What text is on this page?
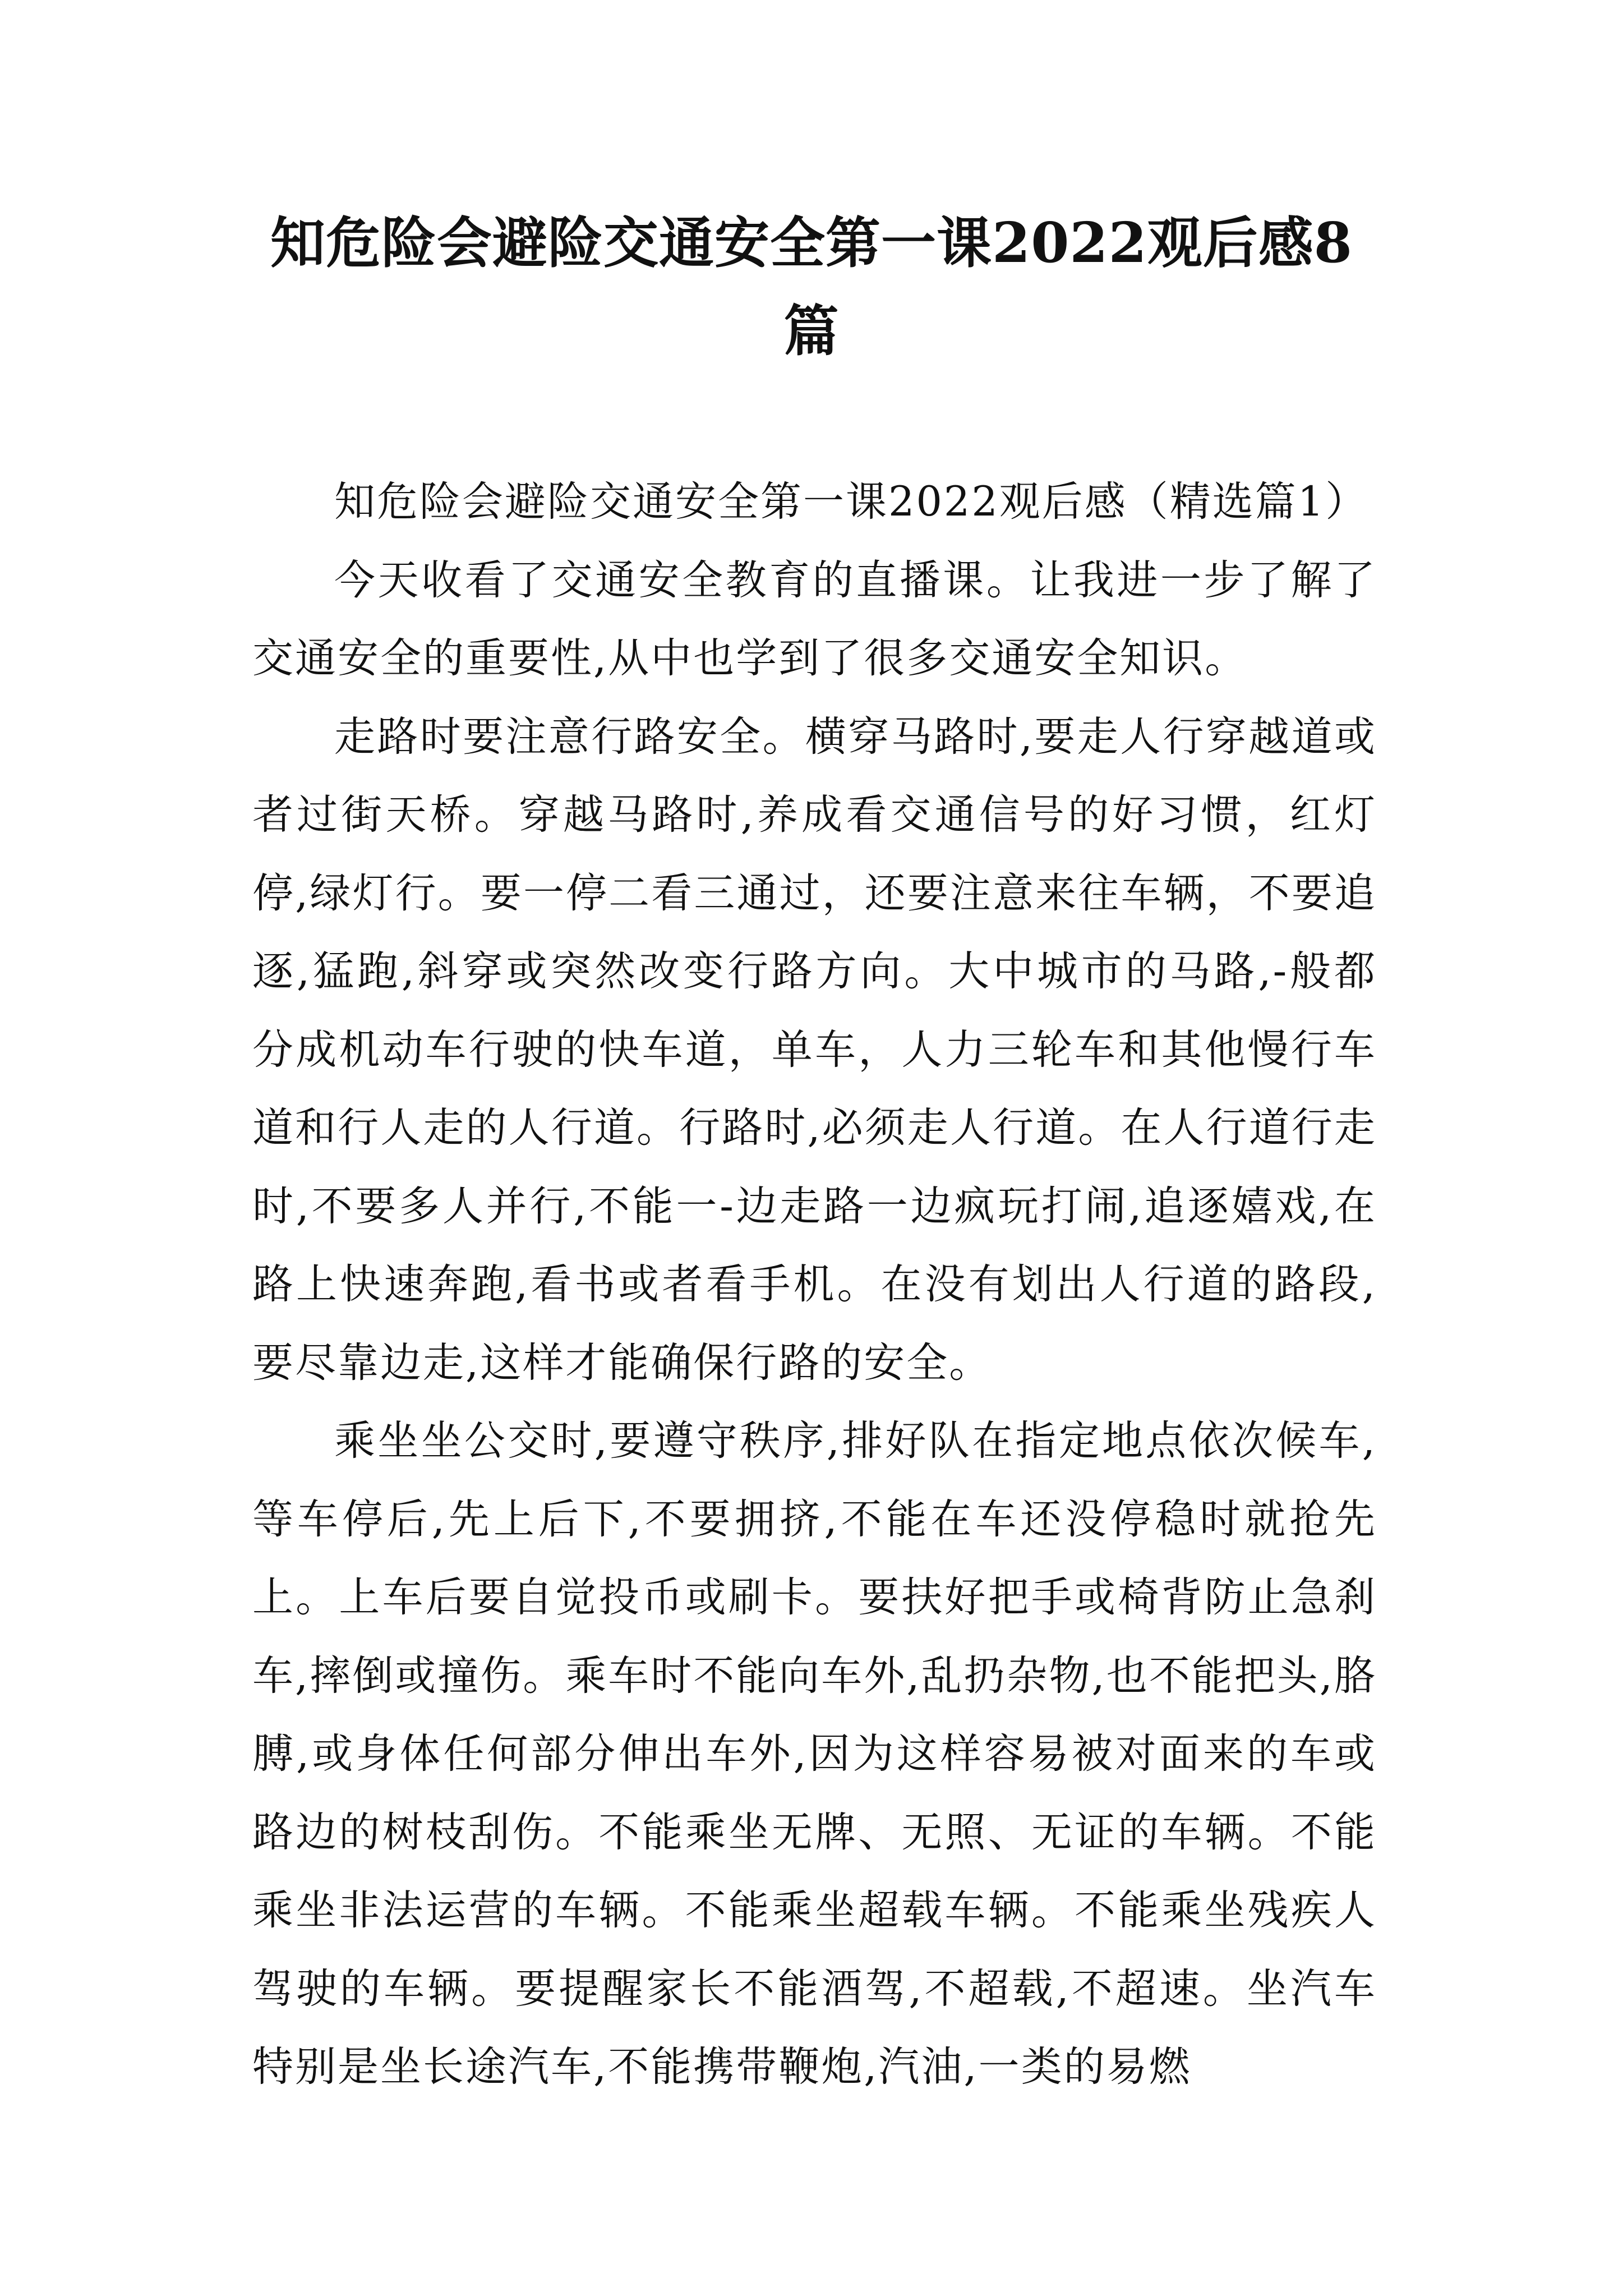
知危险会避险交通安全第一课2022观后感8篇

知危险会避险交通安全第一课2022观后感（精选篇1）

今天收看了交通安全教育的直播课。让我进一步了解了交通安全的重要性,从中也学到了很多交通安全知识。

走路时要注意行路安全。横穿马路时,要走人行穿越道或者过街天桥。穿越马路时,养成看交通信号的好习惯，红灯停,绿灯行。要一停二看三通过，还要注意来往车辆，不要追逐,猛跑,斜穿或突然改变行路方向。大中城市的马路,-般都分成机动车行驶的快车道，单车，人力三轮车和其他慢行车道和行人走的人行道。行路时,必须走人行道。在人行道行走时,不要多人并行,不能一-边走路一边疯玩打闹,追逐嬉戏,在路上快速奔跑,看书或者看手机。在没有划出人行道的路段,要尽靠边走,这样才能确保行路的安全。

乘坐坐公交时,要遵守秩序,排好队在指定地点依次候车,等车停后,先上后下,不要拥挤,不能在车还没停稳时就抢先上。上车后要自觉投币或刷卡。要扶好把手或椅背防止急刹车,摔倒或撞伤。乘车时不能向车外,乱扔杂物,也不能把头,胳膊,或身体任何部分伸出车外,因为这样容易被对面来的车或路边的树枝刮伤。不能乘坐无牌、无照、无证的车辆。不能乘坐非法运营的车辆。不能乘坐超载车辆。不能乘坐残疾人驾驶的车辆。要提醒家长不能酒驾,不超载,不超速。坐汽车特别是坐长途汽车,不能携带鞭炮,汽油,一类的易燃
